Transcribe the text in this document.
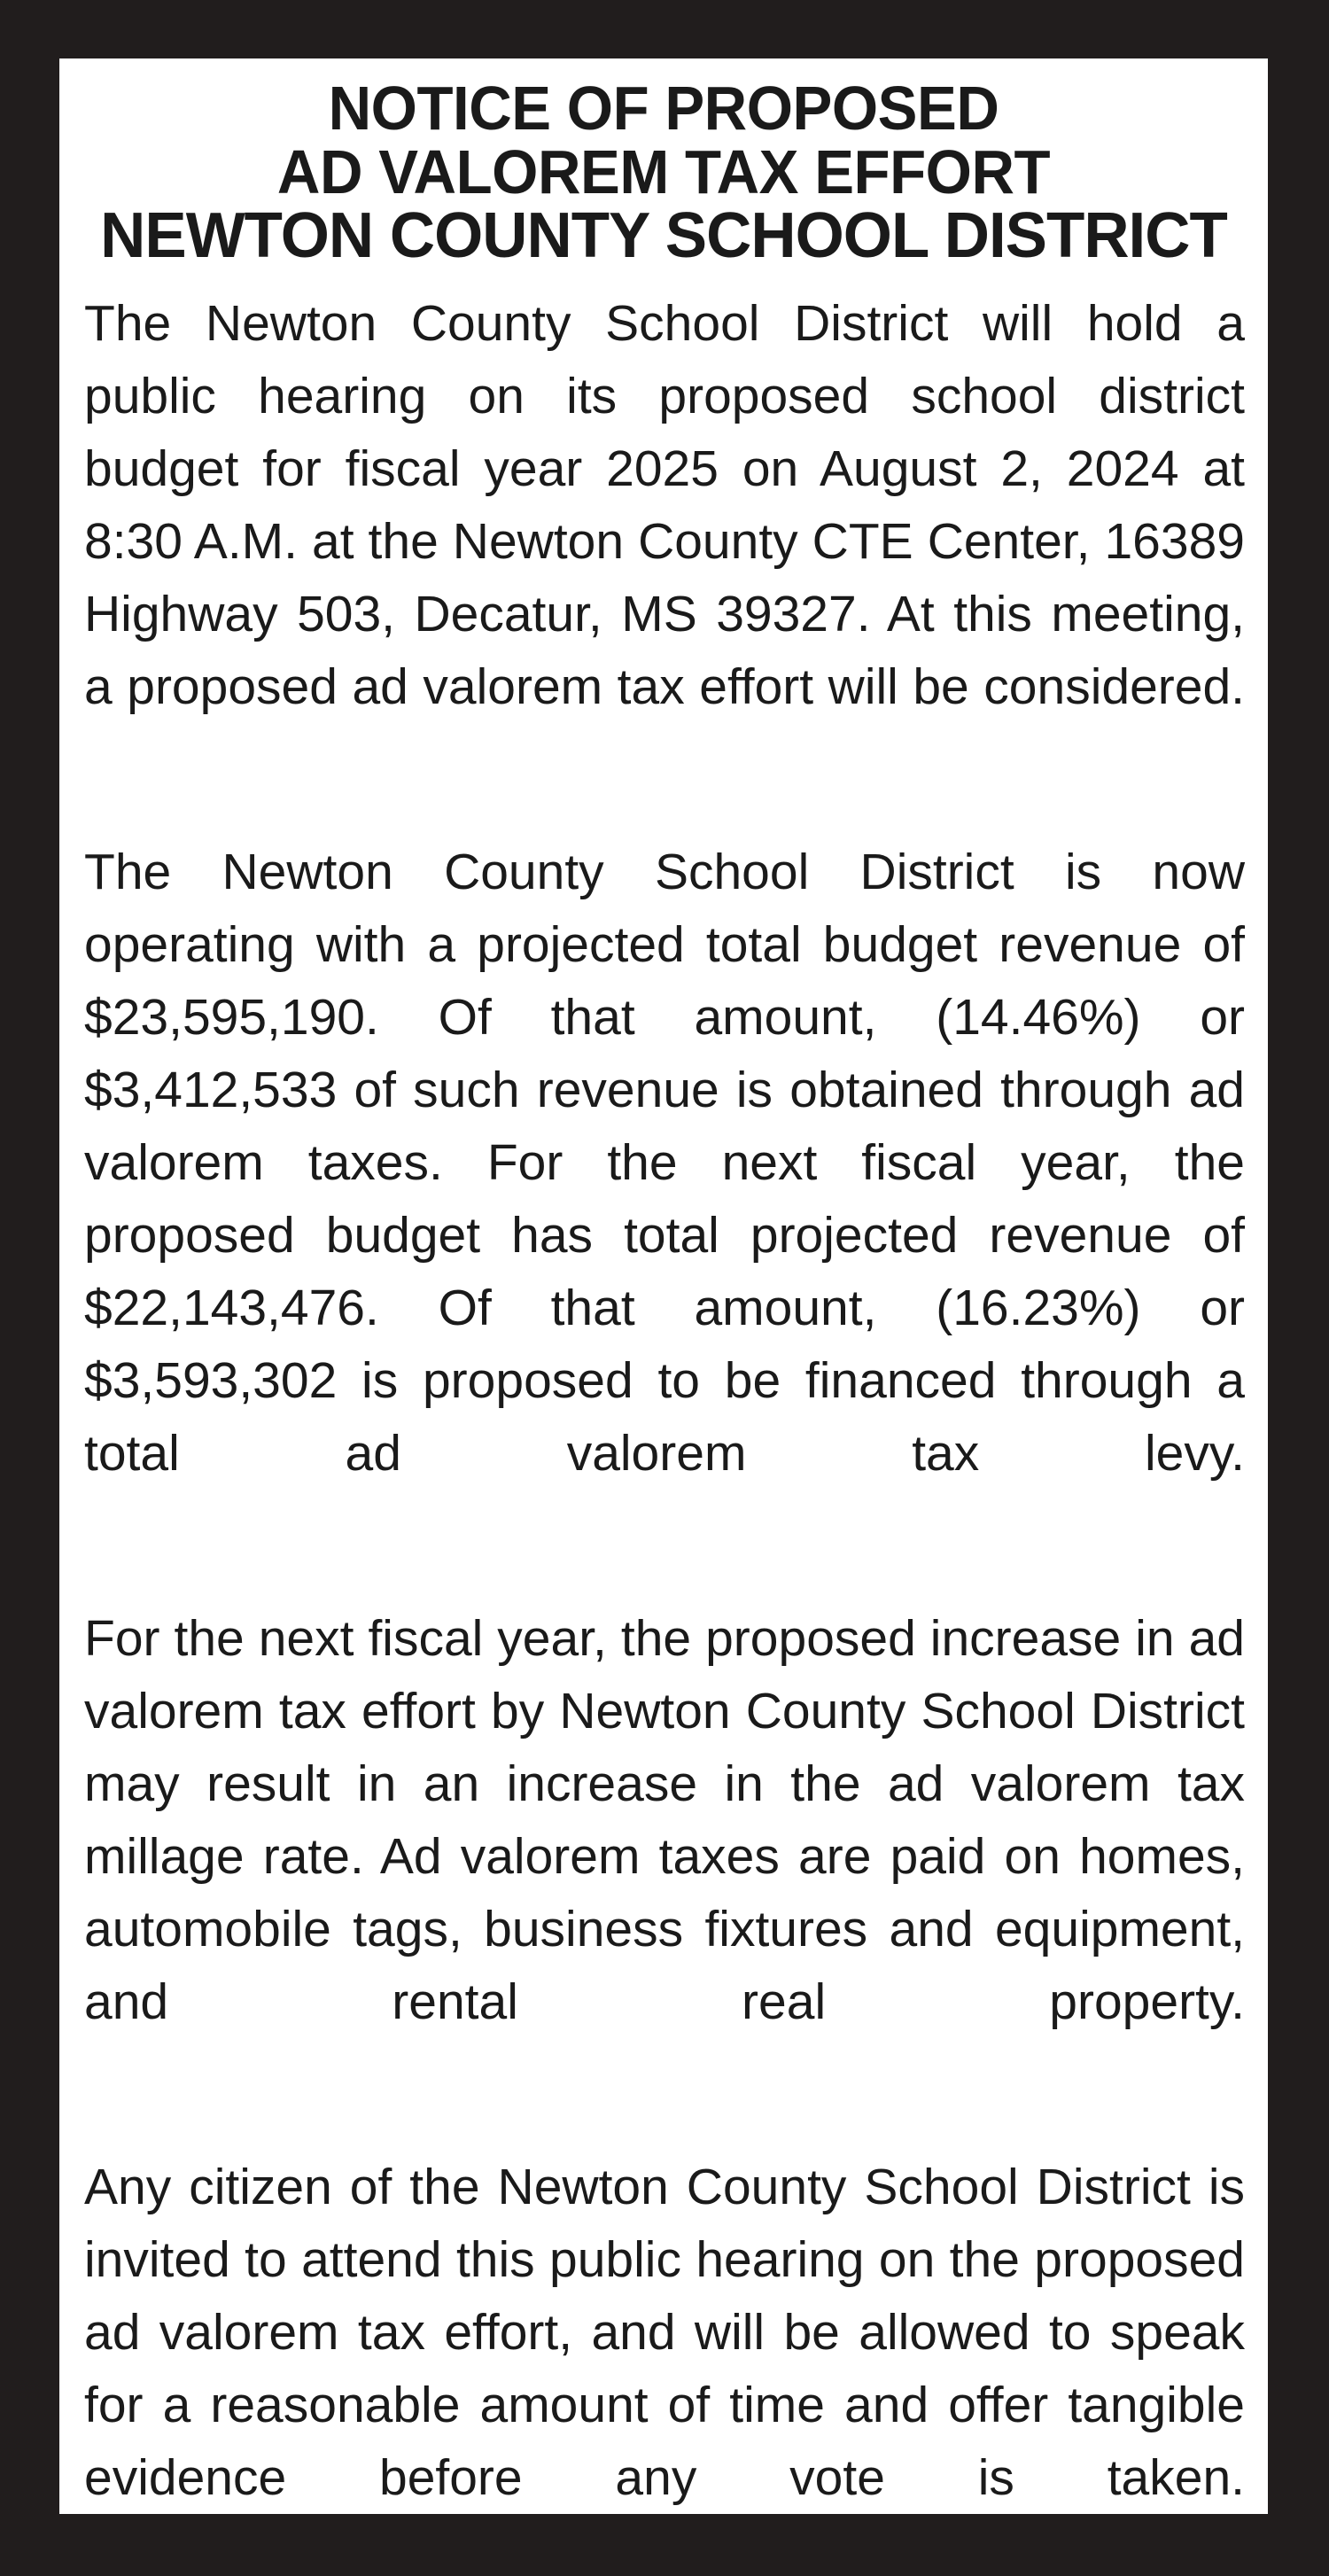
NOTICE OF PROPOSED
AD VALOREM TAX EFFORT
NEWTON COUNTY SCHOOL DISTRICT

The Newton County School District will hold a public hearing on its proposed school district budget for fiscal year 2025 on August 2, 2024 at 8:30 A.M. at the Newton County CTE Center, 16389 Highway 503, Decatur, MS 39327. At this meeting, a proposed ad valorem tax effort will be considered.

The Newton County School District is now operating with a projected total budget revenue of $23,595,190. Of that amount, (14.46%) or $3,412,533 of such revenue is obtained through ad valorem taxes. For the next fiscal year, the proposed budget has total projected revenue of $22,143,476. Of that amount, (16.23%) or $3,593,302 is proposed to be financed through a total ad valorem tax levy.

For the next fiscal year, the proposed increase in ad valorem tax effort by Newton County School District may result in an increase in the ad valorem tax millage rate. Ad valorem taxes are paid on homes, automobile tags, business fixtures and equipment, and rental real property.

Any citizen of the Newton County School District is invited to attend this public hearing on the proposed ad valorem tax effort, and will be allowed to speak for a reasonable amount of time and offer tangible evidence before any vote is taken.
